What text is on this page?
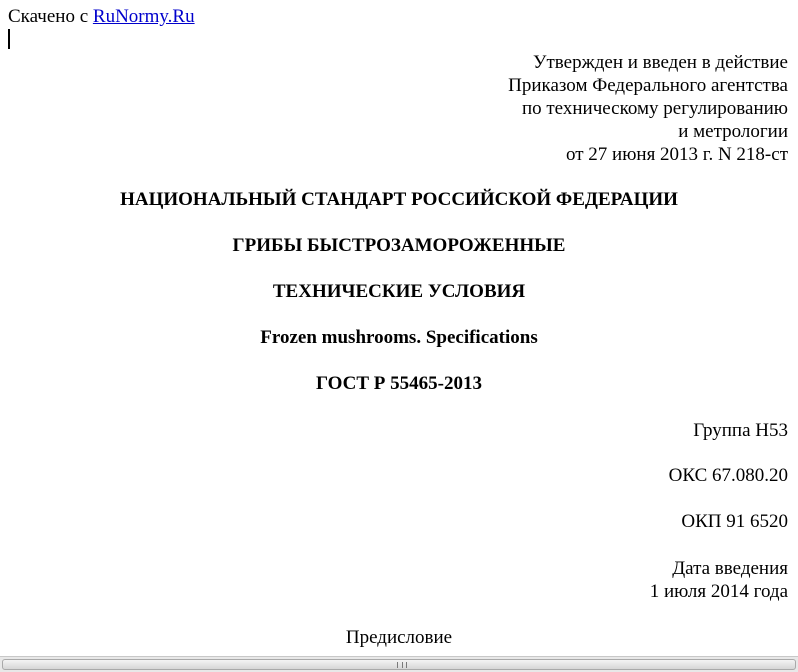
Скачено с RuNormy.Ru
Утвержден и введен в действие
Приказом Федерального агентства
по техническому регулированию
и метрологии
от 27 июня 2013 г. N 218-ст
НАЦИОНАЛЬНЫЙ СТАНДАРТ РОССИЙСКОЙ ФЕДЕРАЦИИ
ГРИБЫ БЫСТРОЗАМОРОЖЕННЫЕ
ТЕХНИЧЕСКИЕ УСЛОВИЯ
Frozen mushrooms. Specifications
ГОСТ Р 55465-2013
Группа Н53
ОКС 67.080.20
ОКП 91 6520
Дата введения
1 июля 2014 года
Предисловие
